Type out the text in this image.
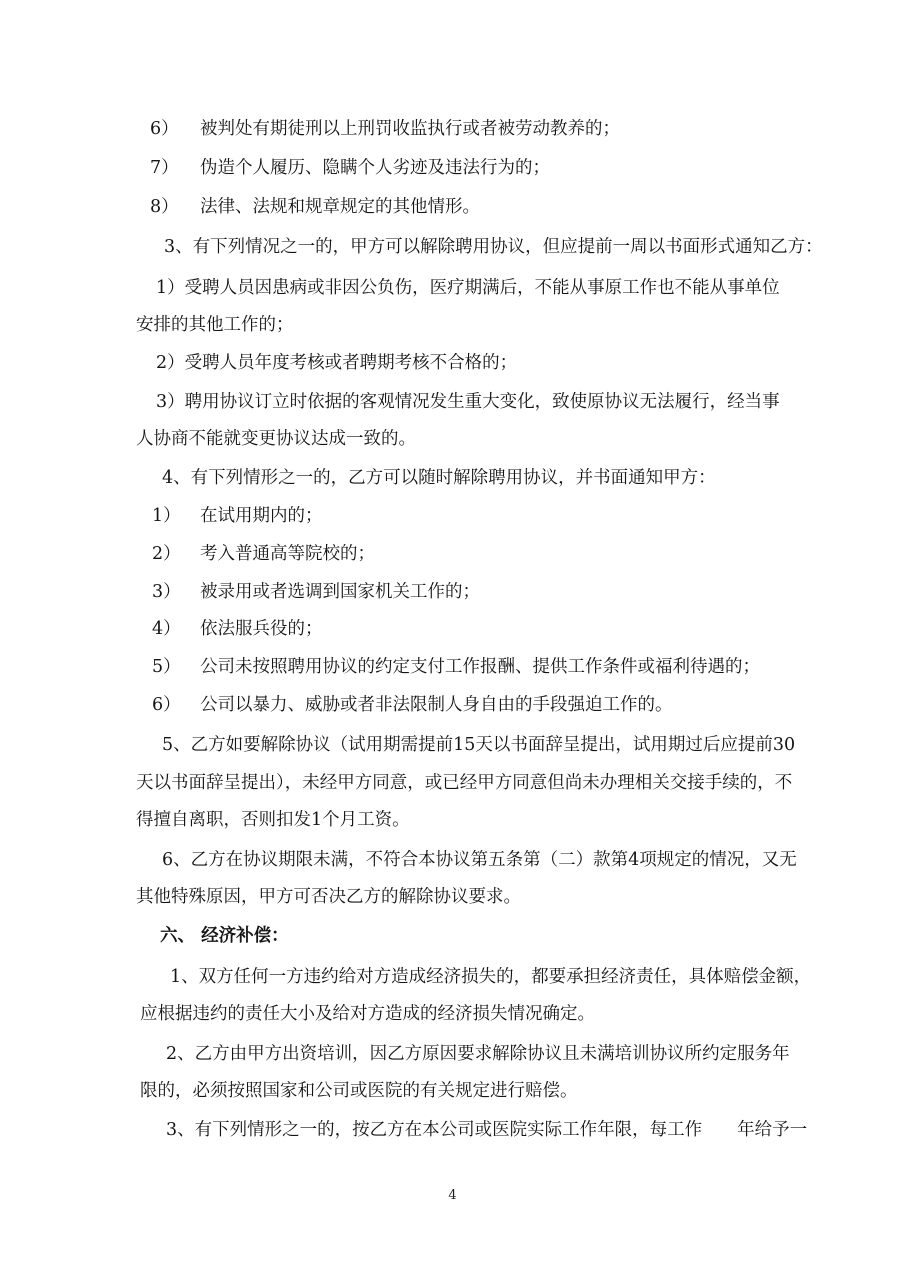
6） 被判处有期徒刑以上刑罚收监执行或者被劳动教养的；
7） 伪造个人履历、隐瞒个人劣迹及违法行为的；
8） 法律、法规和规章规定的其他情形。
3、有下列情况之一的，甲方可以解除聘用协议，但应提前一周以书面形式通知乙方：
1）受聘人员因患病或非因公负伤，医疗期满后，不能从事原工作也不能从事单位
安排的其他工作的；
2）受聘人员年度考核或者聘期考核不合格的；
3）聘用协议订立时依据的客观情况发生重大变化，致使原协议无法履行，经当事
人协商不能就变更协议达成一致的。
4、有下列情形之一的，乙方可以随时解除聘用协议，并书面通知甲方：
1） 在试用期内的；
2） 考入普通高等院校的；
3） 被录用或者选调到国家机关工作的；
4） 依法服兵役的；
5） 公司未按照聘用协议的约定支付工作报酬、提供工作条件或福利待遇的；
6） 公司以暴力、威胁或者非法限制人身自由的手段强迫工作的。
5、乙方如要解除协议（试用期需提前15天以书面辞呈提出，试用期过后应提前30
天以书面辞呈提出），未经甲方同意，或已经甲方同意但尚未办理相关交接手续的，不
得擅自离职，否则扣发1个月工资。
6、乙方在协议期限未满，不符合本协议第五条第（二）款第4项规定的情况，又无
其他特殊原因，甲方可否决乙方的解除协议要求。
六、 经济补偿：
1、双方任何一方违约给对方造成经济损失的，都要承担经济责任，具体赔偿金额，
应根据违约的责任大小及给对方造成的经济损失情况确定。
2、乙方由甲方出资培训，因乙方原因要求解除协议且未满培训协议所约定服务年
限的，必须按照国家和公司或医院的有关规定进行赔偿。
3、有下列情形之一的，按乙方在本公司或医院实际工作年限，每工作　　年给予一
4
